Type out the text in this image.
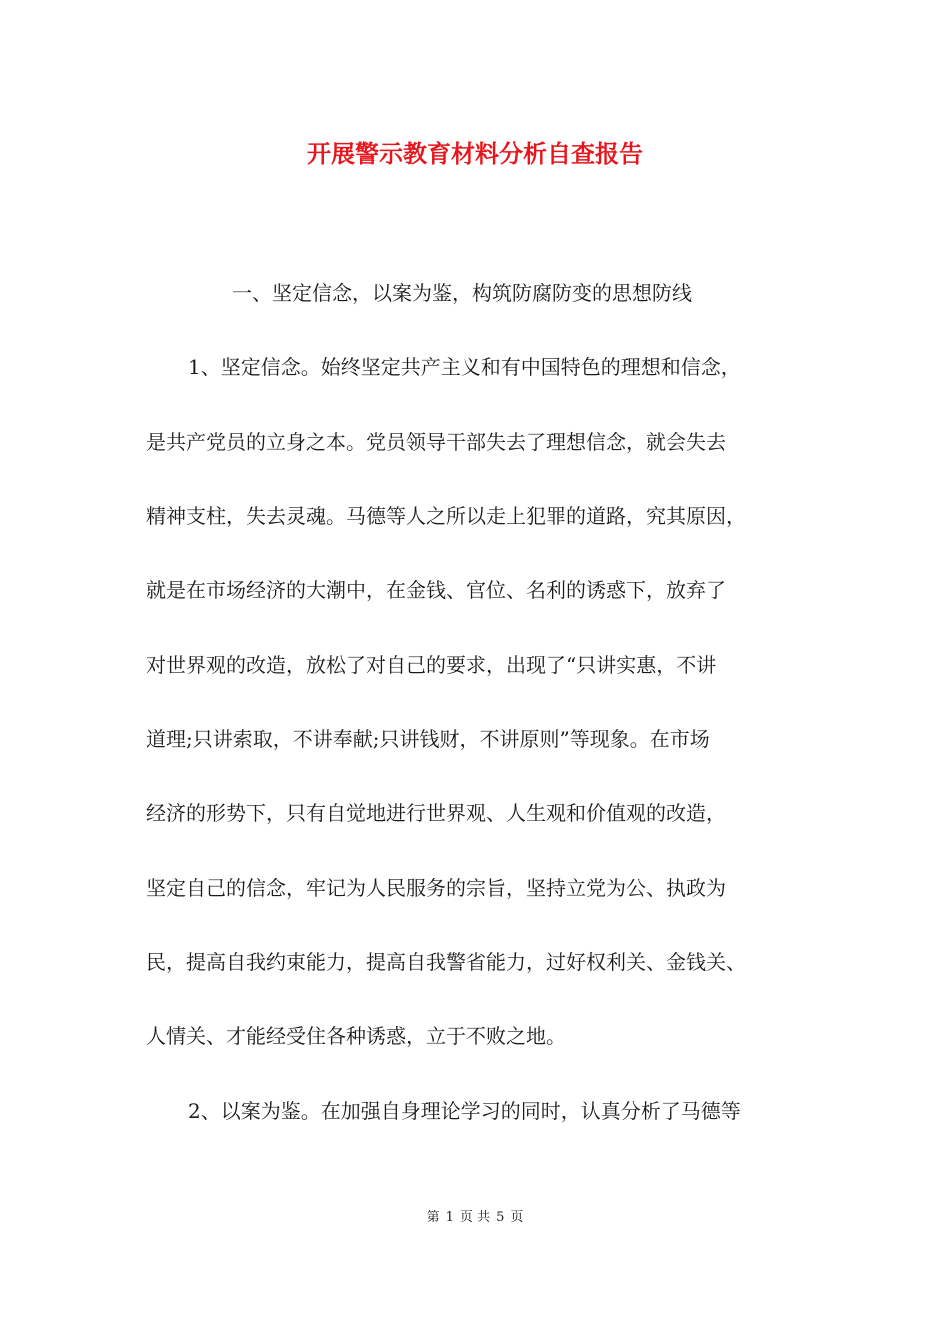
开展警示教育材料分析自查报告
一、坚定信念，以案为鉴，构筑防腐防变的思想防线
1、坚定信念。始终坚定共产主义和有中国特色的理想和信念，
是共产党员的立身之本。党员领导干部失去了理想信念，就会失去
精神支柱，失去灵魂。马德等人之所以走上犯罪的道路，究其原因，
就是在市场经济的大潮中，在金钱、官位、名利的诱惑下，放弃了
对世界观的改造，放松了对自己的要求，出现了“只讲实惠，不讲
道理;只讲索取，不讲奉献;只讲钱财，不讲原则”等现象。在市场
经济的形势下，只有自觉地进行世界观、人生观和价值观的改造，
坚定自己的信念，牢记为人民服务的宗旨，坚持立党为公、执政为
民，提高自我约束能力，提高自我警省能力，过好权利关、金钱关、
人情关、才能经受住各种诱惑，立于不败之地。
2、以案为鉴。在加强自身理论学习的同时，认真分析了马德等
第 1 页 共 5 页
